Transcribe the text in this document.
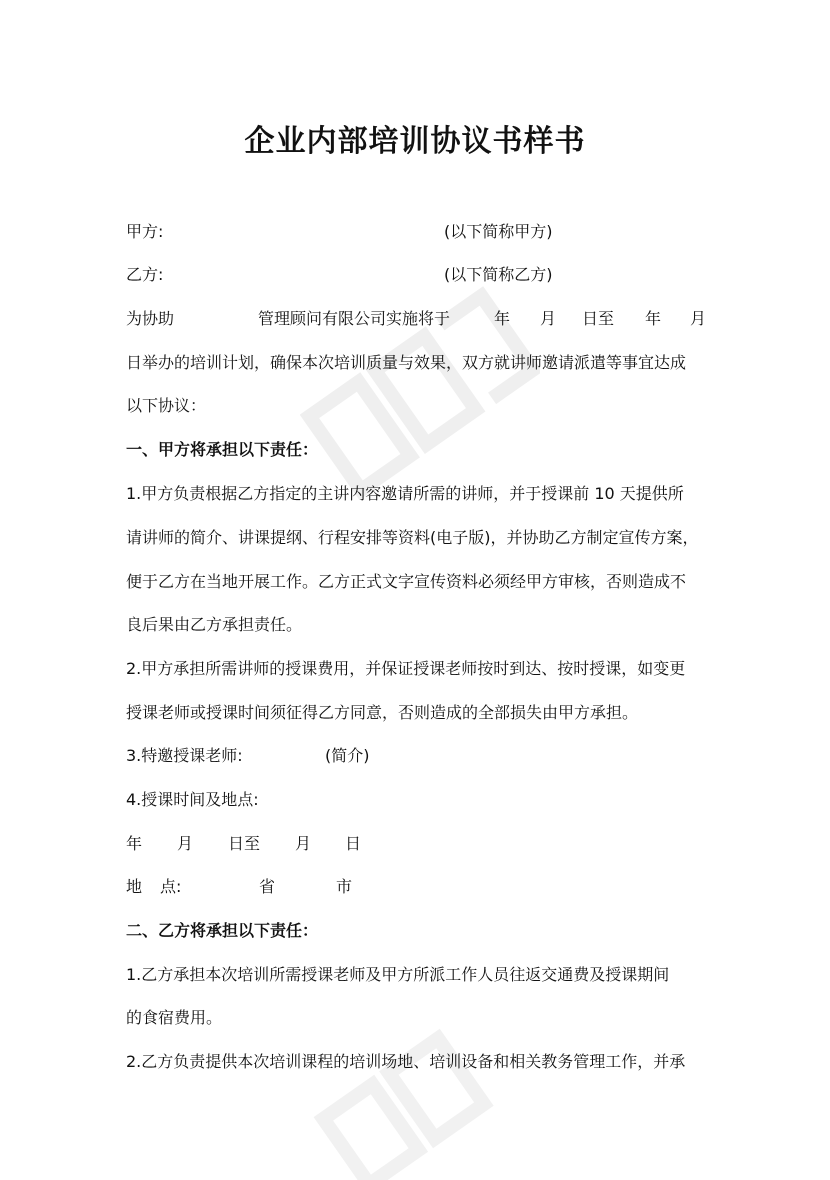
企业内部培训协议书样书
甲方:	(以下简称甲方)
乙方:	(以下简称乙方)
为协助	管理顾问有限公司实施将于	年 月 日至 年 月
日举办的培训计划，确保本次培训质量与效果，双方就讲师邀请派遣等事宜达成
以下协议：
一、甲方将承担以下责任：
1.甲方负责根据乙方指定的主讲内容邀请所需的讲师，并于授课前 10 天提供所
请讲师的简介、讲课提纲、行程安排等资料(电子版)，并协助乙方制定宣传方案，
便于乙方在当地开展工作。乙方正式文字宣传资料必须经甲方审核，否则造成不
良后果由乙方承担责任。
2.甲方承担所需讲师的授课费用，并保证授课老师按时到达、按时授课，如变更
授课老师或授课时间须征得乙方同意，否则造成的全部损失由甲方承担。
3.特邀授课老师:	(简介)
4.授课时间及地点:
年 月 日至 月 日
地 点:	省	市
二、乙方将承担以下责任：
1.乙方承担本次培训所需授课老师及甲方所派工作人员往返交通费及授课期间
的食宿费用。
2.乙方负责提供本次培训课程的培训场地、培训设备和相关教务管理工作，并承
